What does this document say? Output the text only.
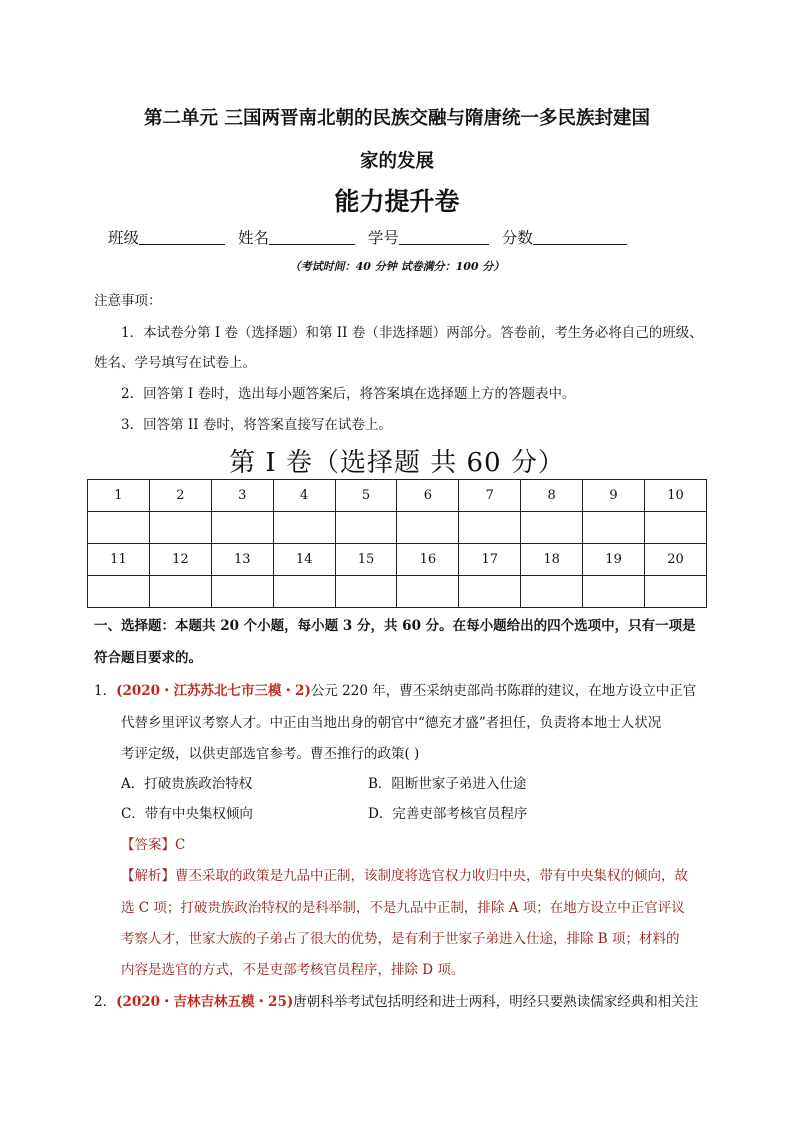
第二单元 三国两晋南北朝的民族交融与隋唐统一多民族封建国
家的发展
能力提升卷
班级	姓名	学号	分数
（考试时间：40 分钟 试卷满分：100 分）
注意事项：
1．本试卷分第 I 卷（选择题）和第 II 卷（非选择题）两部分。答卷前，考生务必将自己的班级、
姓名、学号填写在试卷上。
2．回答第 I 卷时，选出每小题答案后，将答案填在选择题上方的答题表中。
3．回答第 II 卷时，将答案直接写在试卷上。
第 I 卷（选择题 共 60 分）
1	2	3	4	5	6	7	8	9	10

11	12	13	14	15	16	17	18	19	20

一、选择题：本题共 20 个小题，每小题 3 分，共 60 分。在每小题给出的四个选项中，只有一项是
符合题目要求的。
1．(2020・江苏苏北七市三模・2)公元 220 年，曹丕采纳吏部尚书陈群的建议，在地方设立中正官
代替乡里评议考察人才。中正由当地出身的朝官中“德充才盛”者担任，负责将本地士人状况
考评定级，以供吏部选官参考。曹丕推行的政策( )
A．打破贵族政治特权	B．阻断世家子弟进入仕途
C．带有中央集权倾向	D．完善吏部考核官员程序
【答案】C
【解析】曹丕采取的政策是九品中正制，该制度将选官权力收归中央，带有中央集权的倾向，故
选 C 项；打破贵族政治特权的是科举制，不是九品中正制，排除 A 项；在地方设立中正官评议
考察人才，世家大族的子弟占了很大的优势，是有利于世家子弟进入仕途，排除 B 项；材料的
内容是选官的方式，不是吏部考核官员程序，排除 D 项。
2．(2020・吉林吉林五模・25)唐朝科举考试包括明经和进士两科，明经只要熟读儒家经典和相关注
